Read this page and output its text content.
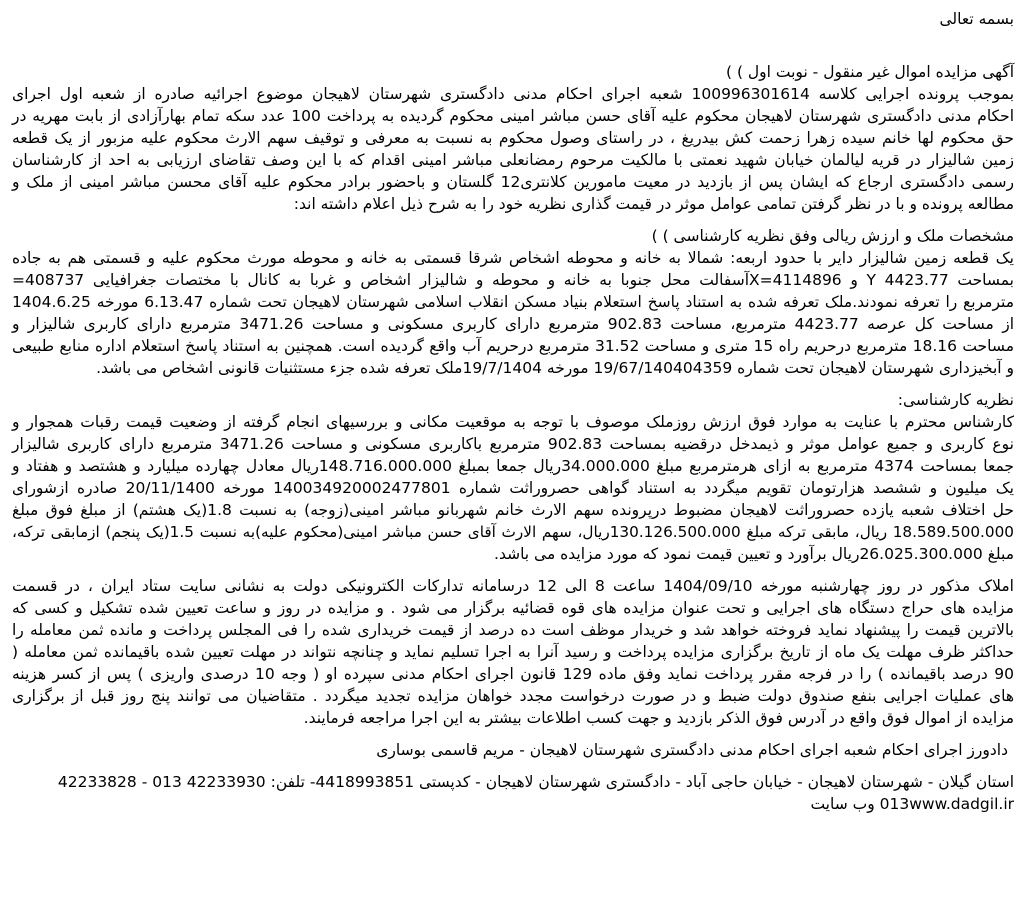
بسمه تعالی
آگهی مزایده اموال غیر منقول - نوبت اول ) )
بموجب پرونده اجرایی کلاسه 100996301614 شعبه اجرای احکام مدنی دادگستری شهرستان لاهیجان موضوع اجرائیه صادره از شعبه اول اجرای
احکام مدنی دادگستری شهرستان لاهیجان محکوم علیه آقای حسن مباشر امینی محکوم گردیده به پرداخت 100 عدد سکه تمام بهارآزادی از بابت مهریه در
حق محکوم لها خانم سیده زهرا زحمت کش بیدریغ ، در راستای وصول محکوم به نسبت به معرفی و توقیف سهم الارث محکوم علیه مزبور از یک قطعه
زمین شالیزار در قریه لیالمان خیابان شهید نعمتی با مالکیت مرحوم رمضانعلی مباشر امینی اقدام که با این وصف تقاضای ارزیابی به احد از کارشناسان
رسمی دادگستری ارجاع که ایشان پس از بازدید در معیت مامورین کلانتری12 گلستان و باحضور برادر محکوم علیه آقای محسن مباشر امینی از ملک و
مطالعه پرونده و با در نظر گرفتن تمامی عوامل موثر در قیمت گذاری نظریه خود را به شرح ذیل اعلام داشته اند:
مشخصات ملک و ارزش ریالی وفق نظریه کارشناسی ) )
یک قطعه زمین شالیزار دایر با حدود اربعه: شمالا به خانه و محوطه اشخاص شرقا قسمتی به خانه و محوطه مورث محکوم علیه و قسمتی هم به جاده
بمساحت 4423.77 Y و 4114896=Xآسفالت محل جنوبا به خانه و محوطه و شالیزار اشخاص و غربا به کانال با مختصات جغرافیایی 408737=
مترمربع را تعرفه نمودند.ملک تعرفه شده به استناد پاسخ استعلام بنیاد مسکن انقلاب اسلامی شهرستان لاهیجان تحت شماره 6.13.47 مورخه 1404.6.25
از مساحت کل عرصه 4423.77 مترمربع، مساحت 902.83 مترمربع دارای کاربری مسکونی و مساحت 3471.26 مترمربع دارای کاربری شالیزار و
مساحت 18.16 مترمربع درحریم راه 15 متری و مساحت 31.52 مترمربع درحریم آب واقع گردیده است. همچنین به استناد پاسخ استعلام اداره منابع طبیعی
و آبخیزداری شهرستان لاهیجان تحت شماره 19/67/140404359 مورخه 19/7/1404ملک تعرفه شده جزء مستثنیات قانونی اشخاص می باشد.
نظریه کارشناسی:
کارشناس محترم با عنایت به موارد فوق ارزش روزملک موصوف با توجه به موقعیت مکانی و بررسیهای انجام گرفته از وضعیت قیمت رقبات همجوار و
نوع کاربری و جمیع عوامل موثر و ذیمدخل درقضیه بمساحت 902.83 مترمربع باکاربری مسکونی و مساحت 3471.26 مترمربع دارای کاربری شالیزار
جمعا بمساحت 4374 مترمربع به ازای هرمترمربع مبلغ 34.000.000ریال جمعا بمبلغ 148.716.000.000ریال معادل چهارده میلیارد و هشتصد و هفتاد و
یک میلیون و ششصد هزارتومان تقویم میگردد به استناد گواهی حصروراثت شماره 140034920002477801 مورخه 20/11/1400 صادره ازشورای
حل اختلاف شعبه یازده حصروراثت لاهیجان مضبوط درپرونده سهم الارث خانم شهربانو مباشر امینی(زوجه) به نسبت 1.8(یک هشتم) از مبلغ فوق مبلغ
18.589.500.000 ریال، مابقی ترکه مبلغ 130.126.500.000ریال، سهم الارث آقای حسن مباشر امینی(محکوم علیه)به نسبت 1.5(یک پنجم) ازمابقی ترکه،
مبلغ 26.025.300.000ریال برآورد و تعیین قیمت نمود که مورد مزایده می باشد.
املاک مذکور در روز چهارشنبه مورخه 1404/09/10 ساعت 8 الی 12 درسامانه تدارکات الکترونیکی دولت به نشانی سایت ستاد ایران ، در قسمت
مزایده های حراج دستگاه های اجرایی و تحت عنوان مزایده های قوه قضائیه برگزار می شود . و مزایده در روز و ساعت تعیین شده تشکیل و کسی که
بالاترین قیمت را پیشنهاد نماید فروخته خواهد شد و خریدار موظف است ده درصد از قیمت خریداری شده را فی المجلس پرداخت و مانده ثمن معامله را
حداکثر ظرف مهلت یک ماه از تاریخ برگزاری مزایده پرداخت و رسید آنرا به اجرا تسلیم نماید و چنانچه نتواند در مهلت تعیین شده باقیمانده ثمن معامله (
90 درصد باقیمانده ) را در فرجه مقرر پرداخت نماید وفق ماده 129 قانون اجرای احکام مدنی سپرده او ( وجه 10 درصدی واریزی ) پس از کسر هزینه
های عملیات اجرایی بنفع صندوق دولت ضبط و در صورت درخواست مجدد خواهان مزایده تجدید میگردد . متقاضیان می توانند پنج روز قبل از برگزاری
مزایده از اموال فوق واقع در آدرس فوق الذکر بازدید و جهت کسب اطلاعات بیشتر به این اجرا مراجعه فرمایند.
دادورز اجرای احکام شعبه اجرای احکام مدنی دادگستری شهرستان لاهیجان - مریم قاسمی بوساری
استان گیلان - شهرستان لاهیجان - خیابان حاجی آباد - دادگستری شهرستان لاهیجان - کدپستی 4418993851- تلفن: 42233930 013 - 42233828
013www.dadgil.ir وب سایت
